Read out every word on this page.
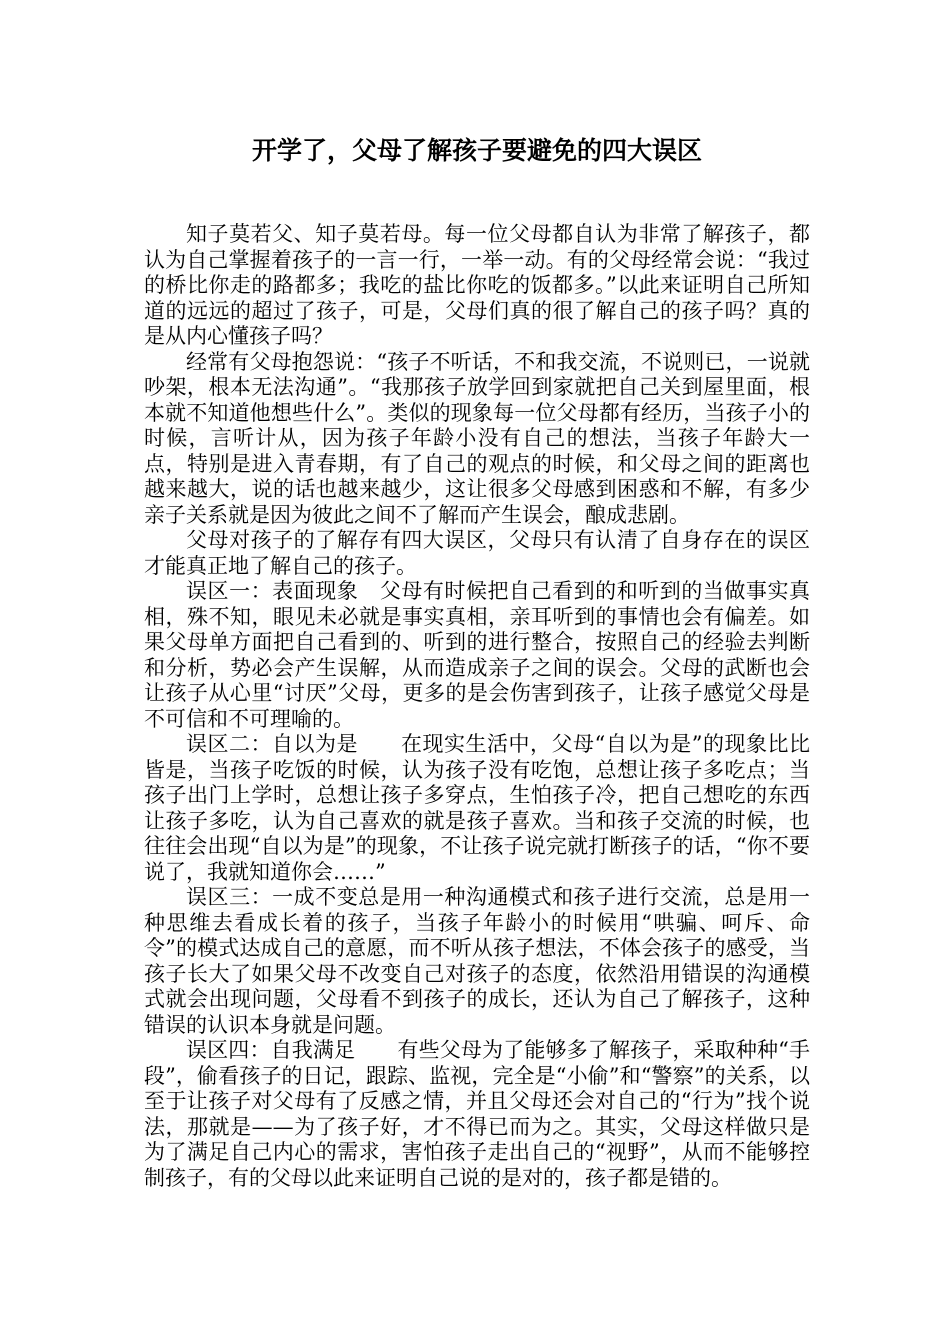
开学了，父母了解孩子要避免的四大误区

知子莫若父、知子莫若母。每一位父母都自认为非常了解孩子，都认为自己掌握着孩子的一言一行，一举一动。有的父母经常会说：“我过的桥比你走的路都多；我吃的盐比你吃的饭都多。”以此来证明自己所知道的远远的超过了孩子，可是，父母们真的很了解自己的孩子吗？真的是从内心懂孩子吗？

经常有父母抱怨说：“孩子不听话，不和我交流，不说则已，一说就吵架，根本无法沟通”。“我那孩子放学回到家就把自己关到屋里面，根本就不知道他想些什么”。类似的现象每一位父母都有经历，当孩子小的时候，言听计从，因为孩子年龄小没有自己的想法，当孩子年龄大一点，特别是进入青春期，有了自己的观点的时候，和父母之间的距离也越来越大，说的话也越来越少，这让很多父母感到困惑和不解，有多少亲子关系就是因为彼此之间不了解而产生误会，酿成悲剧。

父母对孩子的了解存有四大误区，父母只有认清了自身存在的误区才能真正地了解自己的孩子。

误区一：表面现象　父母有时候把自己看到的和听到的当做事实真相，殊不知，眼见未必就是事实真相，亲耳听到的事情也会有偏差。如果父母单方面把自己看到的、听到的进行整合，按照自己的经验去判断和分析，势必会产生误解，从而造成亲子之间的误会。父母的武断也会让孩子从心里“讨厌”父母，更多的是会伤害到孩子，让孩子感觉父母是不可信和不可理喻的。

误区二：自以为是　　在现实生活中，父母“自以为是”的现象比比皆是，当孩子吃饭的时候，认为孩子没有吃饱，总想让孩子多吃点；当孩子出门上学时，总想让孩子多穿点，生怕孩子冷，把自己想吃的东西让孩子多吃，认为自己喜欢的就是孩子喜欢。当和孩子交流的时候，也往往会出现“自以为是”的现象，不让孩子说完就打断孩子的话，“你不要说了，我就知道你会……”

误区三：一成不变总是用一种沟通模式和孩子进行交流，总是用一种思维去看成长着的孩子，当孩子年龄小的时候用“哄骗、呵斥、命令”的模式达成自己的意愿，而不听从孩子想法，不体会孩子的感受，当孩子长大了如果父母不改变自己对孩子的态度，依然沿用错误的沟通模式就会出现问题，父母看不到孩子的成长，还认为自己了解孩子，这种错误的认识本身就是问题。

误区四：自我满足　　有些父母为了能够多了解孩子，采取种种“手段”，偷看孩子的日记，跟踪、监视，完全是“小偷”和“警察”的关系，以至于让孩子对父母有了反感之情，并且父母还会对自己的“行为”找个说法，那就是——为了孩子好，才不得已而为之。其实，父母这样做只是为了满足自己内心的需求，害怕孩子走出自己的“视野”，从而不能够控制孩子，有的父母以此来证明自己说的是对的，孩子都是错的。
